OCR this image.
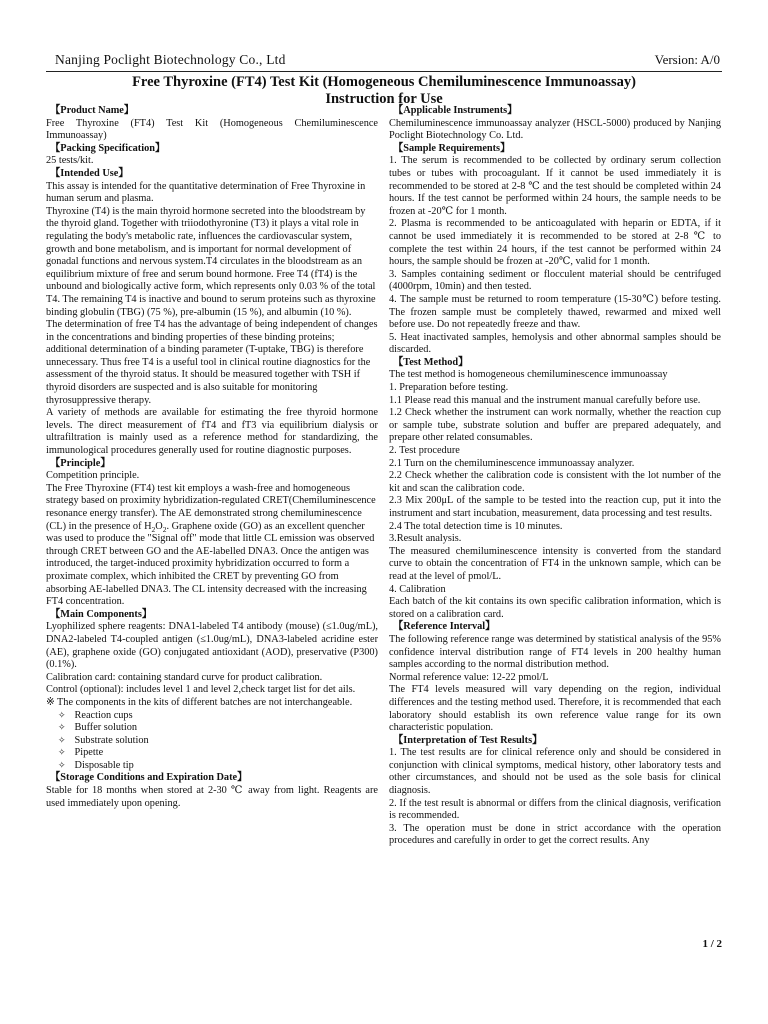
Nanjing Poclight Biotechnology Co., Ltd	Version: A/0
Free Thyroxine (FT4) Test Kit (Homogeneous Chemiluminescence Immunoassay)
Instruction for Use

【Product Name】

Free Thyroxine (FT4) Test Kit (Homogeneous Chemiluminescence Immunoassay)

【Packing Specification】

25 tests/kit.

【Intended Use】

This assay is intended for the quantitative determination of Free Thyroxine in human serum and plasma.

Thyroxine (T4) is the main thyroid hormone secreted into the bloodstream by the thyroid gland. Together with triiodothyronine (T3) it plays a vital role in regulating the body's metabolic rate, influences the cardiovascular system, growth and bone metabolism, and is important for normal development of gonadal functions and nervous system.T4 circulates in the bloodstream as an equilibrium mixture of free and serum bound hormone. Free T4 (fT4) is the unbound and biologically active form, which represents only 0.03 % of the total T4. The remaining T4 is inactive and bound to serum proteins such as thyroxine binding globulin (TBG) (75 %), pre-albumin (15 %), and albumin (10 %).

The determination of free T4 has the advantage of being independent of changes in the concentrations and binding properties of these binding proteins; additional determination of a binding parameter (T-uptake, TBG) is therefore unnecessary. Thus free T4 is a useful tool in clinical routine diagnostics for the assessment of the thyroid status. It should be measured together with TSH if thyroid disorders are suspected and is also suitable for monitoring thyrosuppressive therapy.

A variety of methods are available for estimating the free thyroid hormone levels. The direct measurement of fT4 and fT3 via equilibrium dialysis or ultrafiltration is mainly used as a reference method for standardizing, the immunological procedures generally used for routine diagnostic purposes.

【Principle】

Competition principle.

The Free Thyroxine (FT4) test kit employs a wash-free and homogeneous strategy based on proximity hybridization-regulated CRET(Chemiluminescence resonance energy transfer). The AE demonstrated strong chemiluminescence (CL) in the presence of $H_2O_2$. Graphene oxide (GO) as an excellent quencher was used to produce the "Signal off" mode that little CL emission was observed through CRET between GO and the AE-labelled DNA3. Once the antigen was introduced, the target-induced proximity hybridization occurred to form a proximate complex, which inhibited the CRET by preventing GO from absorbing AE-labelled DNA3. The CL intensity decreased with the increasing FT4 concentration.

【Main Components】

Lyophilized sphere reagents: DNA1-labeled T4 antibody (mouse) (≤1.0ug/mL), DNA2-labeled T4-coupled antigen (≤1.0ug/mL), DNA3-labeled acridine ester (AE), graphene oxide (GO) conjugated antioxidant (AOD), preservative (P300) (0.1%).

Calibration card: containing standard curve for product calibration.

Control (optional): includes level 1 and level 2,check target list for det ails.

※ The components in the kits of different batches are not interchangeable.

✧ Reaction cups
✧ Buffer solution
✧ Substrate solution
✧ Pipette
✧ Disposable tip

【Storage Conditions and Expiration Date】

Stable for 18 months when stored at 2-30 ℃ away from light. Reagents are used immediately upon opening.

【Applicable Instruments】

Chemiluminescence immunoassay analyzer (HSCL-5000) produced by Nanjing Poclight Biotechnology Co. Ltd.

【Sample Requirements】

1. The serum is recommended to be collected by ordinary serum collection tubes or tubes with procoagulant. If it cannot be used immediately it is recommended to be stored at 2-8 ℃ and the test should be completed within 24 hours. If the test cannot be performed within 24 hours, the sample needs to be frozen at -20℃ for 1 month.

2. Plasma is recommended to be anticoagulated with heparin or EDTA, if it cannot be used immediately it is recommended to be stored at 2-8 ℃ to complete the test within 24 hours, if the test cannot be performed within 24 hours, the sample should be frozen at -20℃, valid for 1 month.

3. Samples containing sediment or flocculent material should be centrifuged (4000rpm, 10min) and then tested.

4. The sample must be returned to room temperature (15-30℃) before testing. The frozen sample must be completely thawed, rewarmed and mixed well before use. Do not repeatedly freeze and thaw.

5. Heat inactivated samples, hemolysis and other abnormal samples should be discarded.

【Test Method】

The test method is homogeneous chemiluminescence immunoassay

1. Preparation before testing.

1.1 Please read this manual and the instrument manual carefully before use.

1.2 Check whether the instrument can work normally, whether the reaction cup or sample tube, substrate solution and buffer are prepared adequately, and prepare other related consumables.

2. Test procedure

2.1 Turn on the chemiluminescence immunoassay analyzer.

2.2 Check whether the calibration code is consistent with the lot number of the kit and scan the calibration code.

2.3 Mix 200μL of the sample to be tested into the reaction cup, put it into the instrument and start incubation, measurement, data processing and test results.

2.4 The total detection time is 10 minutes.

3.Result analysis.

The measured chemiluminescence intensity is converted from the standard curve to obtain the concentration of FT4 in the unknown sample, which can be read at the level of pmol/L.

4. Calibration

Each batch of the kit contains its own specific calibration information, which is stored on a calibration card.

【Reference Interval】

The following reference range was determined by statistical analysis of the 95% confidence interval distribution range of FT4 levels in 200 healthy human samples according to the normal distribution method.

Normal reference value: 12-22 pmol/L

The FT4 levels measured will vary depending on the region, individual differences and the testing method used. Therefore, it is recommended that each laboratory should establish its own reference value range for its own characteristic population.

【Interpretation of Test Results】

1. The test results are for clinical reference only and should be considered in conjunction with clinical symptoms, medical history, other laboratory tests and other circumstances, and should not be used as the sole basis for clinical diagnosis.

2. If the test result is abnormal or differs from the clinical diagnosis, verification is recommended.

3. The operation must be done in strict accordance with the operation procedures and carefully in order to get the correct results. Any

1 / 2
